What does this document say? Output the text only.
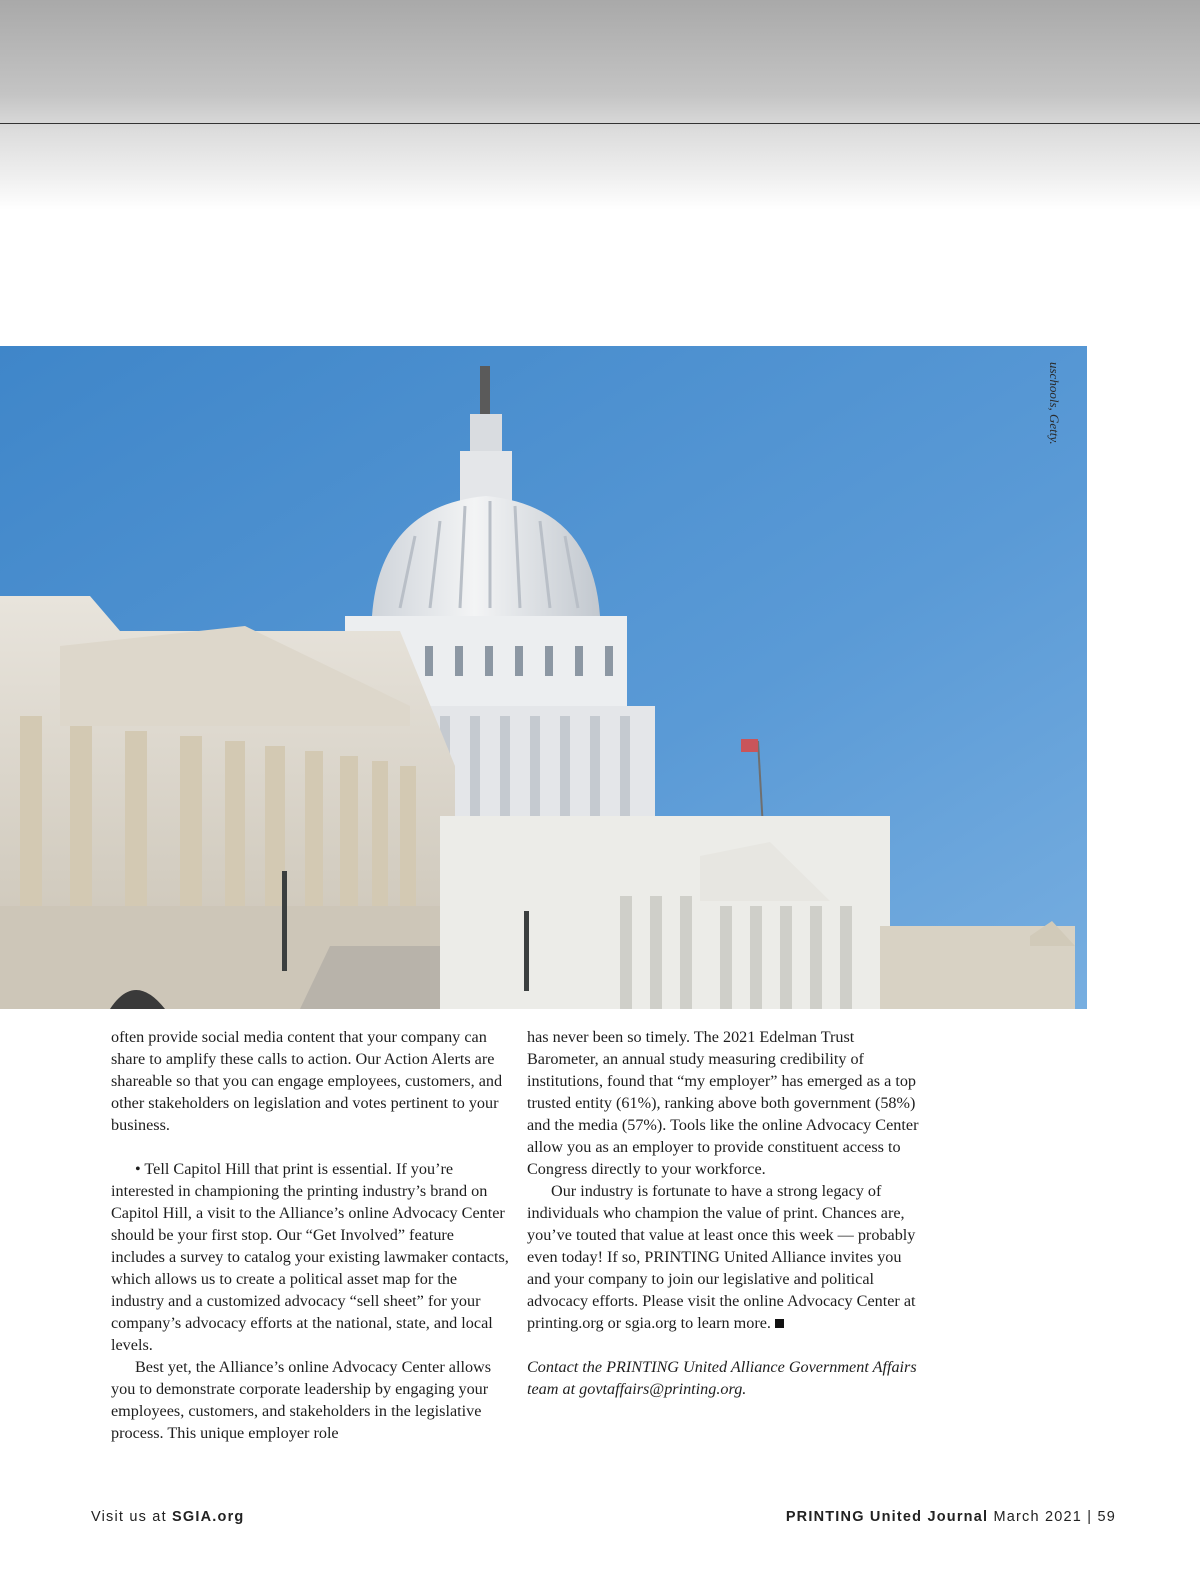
uschools, Getty.

often provide social media content that your company can share to amplify these calls to action. Our Action Alerts are shareable so that you can engage employees, customers, and other stakeholders on legislation and votes pertinent to your business.

• Tell Capitol Hill that print is essential. If you’re interested in championing the printing industry’s brand on Capitol Hill, a visit to the Alliance’s online Advocacy Center should be your first stop. Our “Get Involved” feature includes a survey to catalog your existing lawmaker contacts, which allows us to create a political asset map for the industry and a customized advocacy “sell sheet” for your company’s advocacy efforts at the national, state, and local levels.

Best yet, the Alliance’s online Advocacy Center allows you to demonstrate corporate leadership by engaging your employees, customers, and stakeholders in the legislative process. This unique employer role

has never been so timely. The 2021 Edelman Trust Barometer, an annual study measuring credibility of institutions, found that “my employer” has emerged as a top trusted entity (61%), ranking above both government (58%) and the media (57%). Tools like the online Advocacy Center allow you as an employer to provide constituent access to Congress directly to your workforce.

Our industry is fortunate to have a strong legacy of individuals who champion the value of print. Chances are, you’ve touted that value at least once this week — probably even today! If so, PRINTING United Alliance invites you and your company to join our legislative and political advocacy efforts. Please visit the online Advocacy Center at printing.org or sgia.org to learn more.

Contact the PRINTING United Alliance Government Affairs team at govtaffairs@printing.org.

Visit us at SGIA.org	PRINTING United Journal March 2021 | 59
